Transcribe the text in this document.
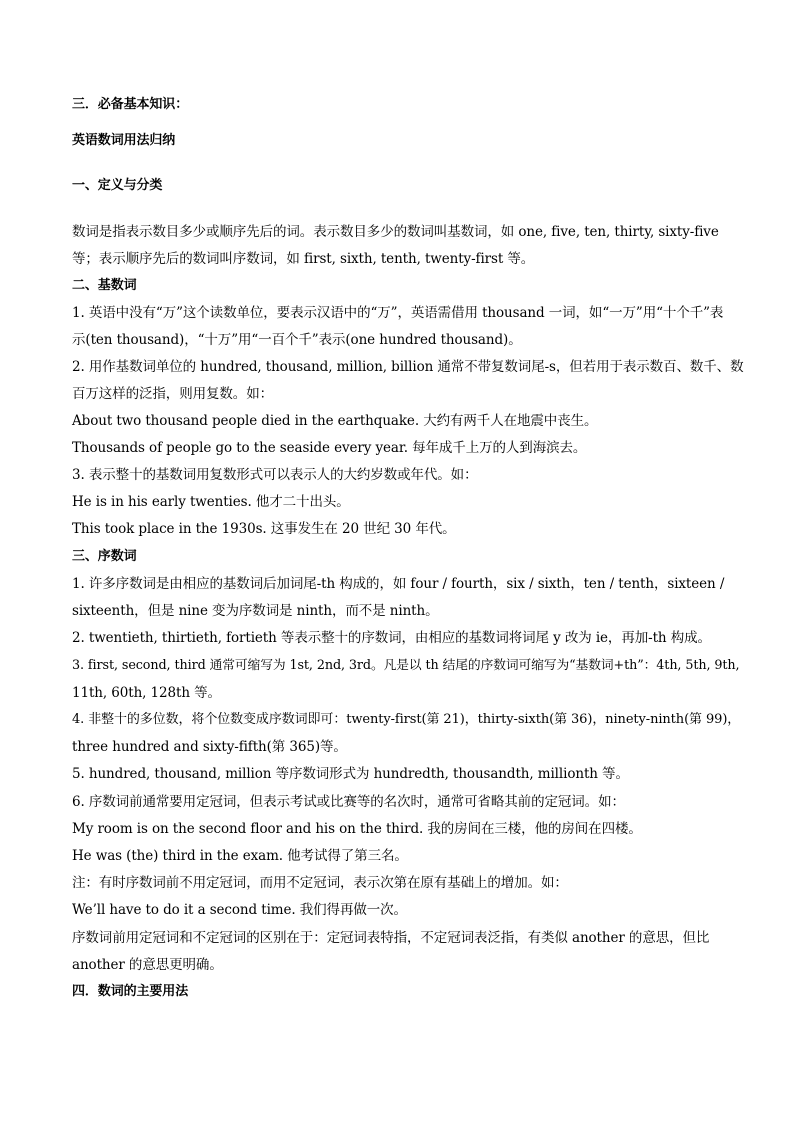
三．必备基本知识：
英语数词用法归纳
一、定义与分类
数词是指表示数目多少或顺序先后的词。表示数目多少的数词叫基数词，如 one, five, ten, thirty, sixty-five
等；表示顺序先后的数词叫序数词，如 first, sixth, tenth, twenty-first 等。
二、基数词
1. 英语中没有“万”这个读数单位，要表示汉语中的“万”，英语需借用 thousand 一词，如“一万”用“十个千”表
示(ten thousand)，“十万”用“一百个千”表示(one hundred thousand)。
2. 用作基数词单位的 hundred, thousand, million, billion 通常不带复数词尾-s，但若用于表示数百、数千、数
百万这样的泛指，则用复数。如：
About two thousand people died in the earthquake. 大约有两千人在地震中丧生。
Thousands of people go to the seaside every year. 每年成千上万的人到海滨去。
3. 表示整十的基数词用复数形式可以表示人的大约岁数或年代。如：
He is in his early twenties. 他才二十出头。
This took place in the 1930s. 这事发生在 20 世纪 30 年代。
三、序数词
1. 许多序数词是由相应的基数词后加词尾-th 构成的，如 four / fourth，six / sixth，ten / tenth，sixteen /
sixteenth，但是 nine 变为序数词是 ninth，而不是 ninth。
2. twentieth, thirtieth, fortieth 等表示整十的序数词，由相应的基数词将词尾 y 改为 ie，再加-th 构成。
3. first, second, third 通常可缩写为 1st, 2nd, 3rd。凡是以 th 结尾的序数词可缩写为“基数词+th”：4th, 5th, 9th,
11th, 60th, 128th 等。
4. 非整十的多位数，将个位数变成序数词即可：twenty-first(第 21)，thirty-sixth(第 36)，ninety-ninth(第 99)，
three hundred and sixty-fifth(第 365)等。
5. hundred, thousand, million 等序数词形式为 hundredth, thousandth, millionth 等。
6. 序数词前通常要用定冠词，但表示考试或比赛等的名次时，通常可省略其前的定冠词。如：
My room is on the second floor and his on the third. 我的房间在三楼，他的房间在四楼。
He was (the) third in the exam. 他考试得了第三名。
注：有时序数词前不用定冠词，而用不定冠词，表示次第在原有基础上的增加。如：
We’ll have to do it a second time. 我们得再做一次。
序数词前用定冠词和不定冠词的区别在于：定冠词表特指，不定冠词表泛指，有类似 another 的意思，但比
another 的意思更明确。
四．数词的主要用法
